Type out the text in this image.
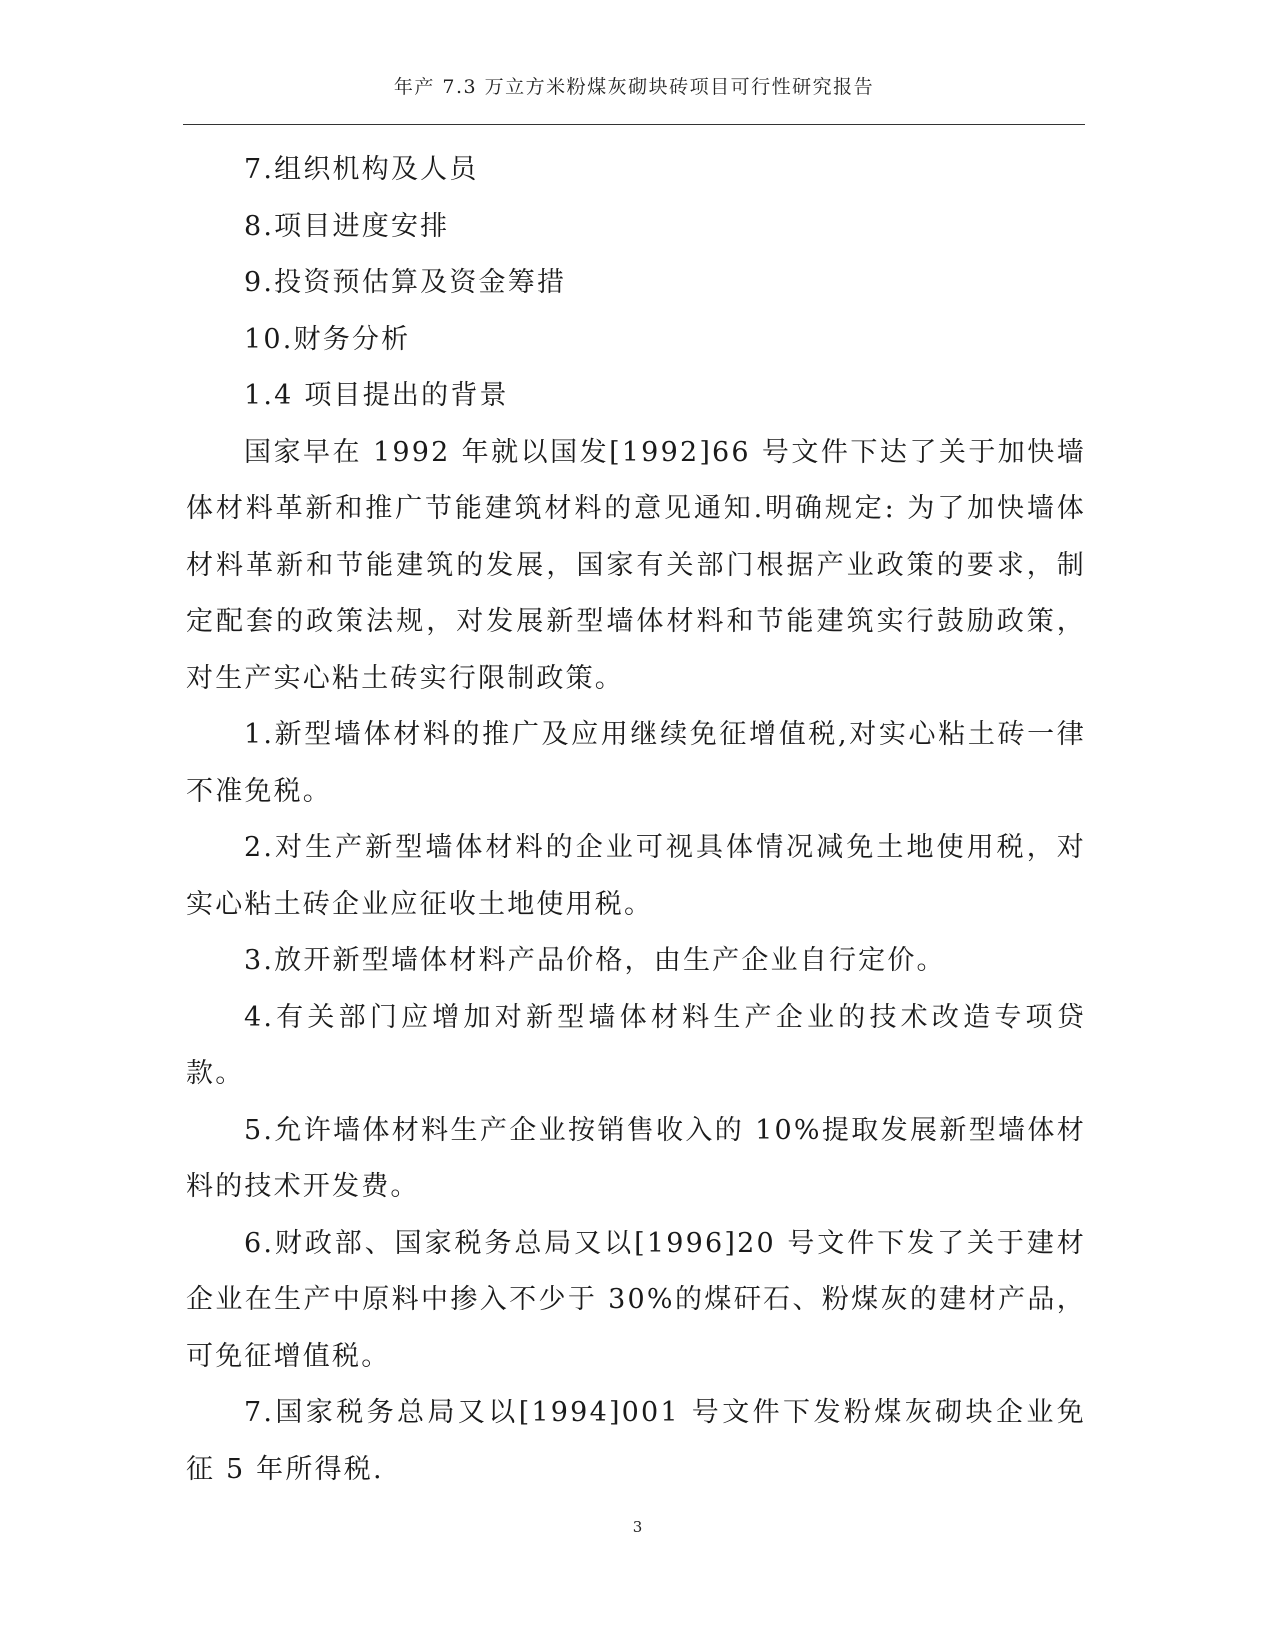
年产 7.3 万立方米粉煤灰砌块砖项目可行性研究报告

7.组织机构及人员

8.项目进度安排

9.投资预估算及资金筹措

10.财务分析

1.4 项目提出的背景

国家早在 1992 年就以国发[1992]66 号文件下达了关于加快墙体材料革新和推广节能建筑材料的意见通知.明确规定: 为了加快墙体材料革新和节能建筑的发展，国家有关部门根据产业政策的要求，制定配套的政策法规，对发展新型墙体材料和节能建筑实行鼓励政策，对生产实心粘土砖实行限制政策。

1.新型墙体材料的推广及应用继续免征增值税,对实心粘土砖一律不准免税。

2.对生产新型墙体材料的企业可视具体情况减免土地使用税，对实心粘土砖企业应征收土地使用税。

3.放开新型墙体材料产品价格，由生产企业自行定价。

4.有关部门应增加对新型墙体材料生产企业的技术改造专项贷款。

5.允许墙体材料生产企业按销售收入的 10%提取发展新型墙体材料的技术开发费。

6.财政部、国家税务总局又以[1996]20 号文件下发了关于建材企业在生产中原料中掺入不少于 30%的煤矸石、粉煤灰的建材产品，可免征增值税。

7.国家税务总局又以[1994]001 号文件下发粉煤灰砌块企业免征 5 年所得税.

3
